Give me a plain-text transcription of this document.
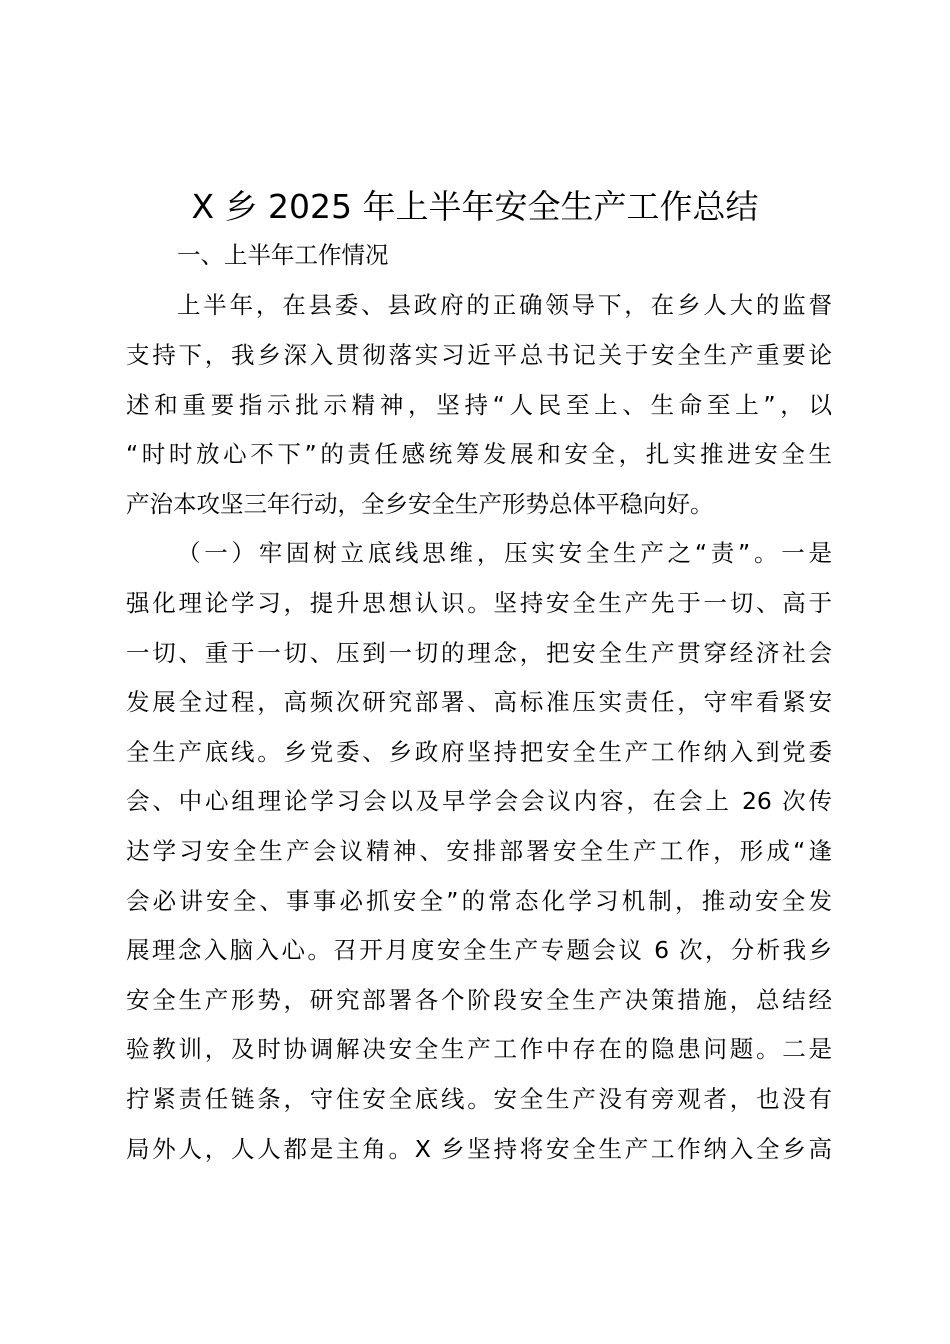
X 乡 2025 年上半年安全生产工作总结

一、上半年工作情况

上半年，在县委、县政府的正确领导下，在乡人大的监督

支持下，我乡深入贯彻落实习近平总书记关于安全生产重要论

述和重要指示批示精神，坚持“人民至上、生命至上”，以

“时时放心不下”的责任感统筹发展和安全，扎实推进安全生

产治本攻坚三年行动，全乡安全生产形势总体平稳向好。

（一）牢固树立底线思维，压实安全生产之“责”。一是

强化理论学习，提升思想认识。坚持安全生产先于一切、高于

一切、重于一切、压到一切的理念，把安全生产贯穿经济社会

发展全过程，高频次研究部署、高标准压实责任，守牢看紧安

全生产底线。乡党委、乡政府坚持把安全生产工作纳入到党委

会、中心组理论学习会以及早学会会议内容，在会上 26 次传

达学习安全生产会议精神、安排部署安全生产工作，形成“逢

会必讲安全、事事必抓安全”的常态化学习机制，推动安全发

展理念入脑入心。召开月度安全生产专题会议 6 次，分析我乡

安全生产形势，研究部署各个阶段安全生产决策措施，总结经

验教训，及时协调解决安全生产工作中存在的隐患问题。二是

拧紧责任链条，守住安全底线。安全生产没有旁观者，也没有

局外人，人人都是主角。X 乡坚持将安全生产工作纳入全乡高
